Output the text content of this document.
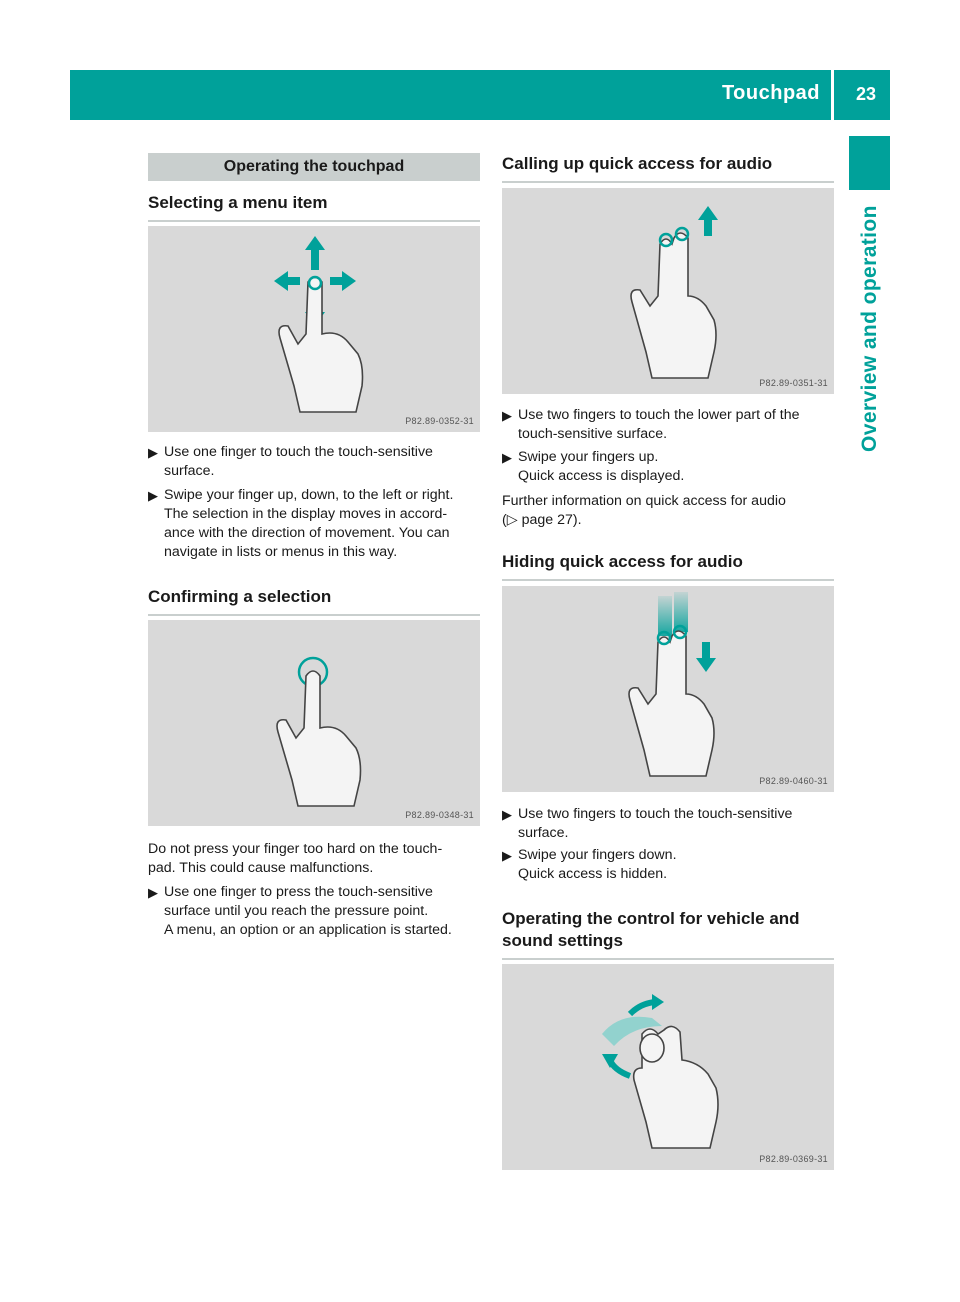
Touchpad 23
Overview and operation
Operating the touchpad
Selecting a menu item
P82.89-0352-31
▶ Use one finger to touch the touch-sensitive
surface.
▶ Swipe your finger up, down, to the left or right.
The selection in the display moves in accord-
ance with the direction of movement. You can
navigate in lists or menus in this way.
Confirming a selection
P82.89-0348-31
Do not press your finger too hard on the touch-
pad. This could cause malfunctions.
▶ Use one finger to press the touch-sensitive
surface until you reach the pressure point.
A menu, an option or an application is started.
Calling up quick access for audio
P82.89-0351-31
▶ Use two fingers to touch the lower part of the
touch-sensitive surface.
▶ Swipe your fingers up.
Quick access is displayed.
Further information on quick access for audio
(▷ page 27).
Hiding quick access for audio
P82.89-0460-31
▶ Use two fingers to touch the touch-sensitive
surface.
▶ Swipe your fingers down.
Quick access is hidden.
Operating the control for vehicle and
sound settings
P82.89-0369-31
